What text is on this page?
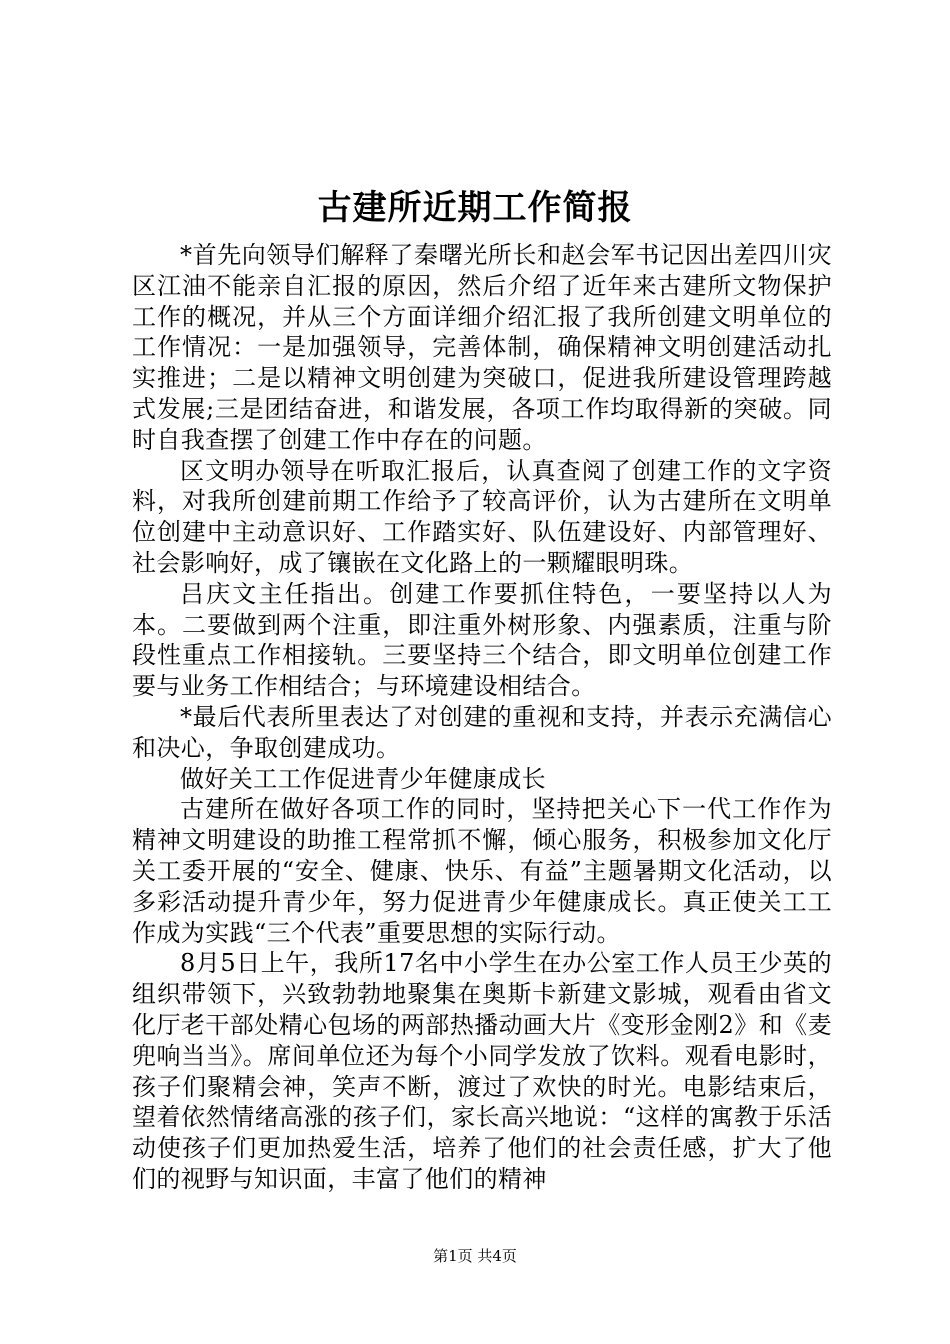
古建所近期工作简报

*首先向领导们解释了秦曙光所长和赵会军书记因出差四川灾区江油不能亲自汇报的原因，然后介绍了近年来古建所文物保护工作的概况，并从三个方面详细介绍汇报了我所创建文明单位的工作情况：一是加强领导，完善体制，确保精神文明创建活动扎实推进；二是以精神文明创建为突破口，促进我所建设管理跨越式发展;三是团结奋进，和谐发展，各项工作均取得新的突破。同时自我查摆了创建工作中存在的问题。

区文明办领导在听取汇报后，认真查阅了创建工作的文字资料，对我所创建前期工作给予了较高评价，认为古建所在文明单位创建中主动意识好、工作踏实好、队伍建设好、内部管理好、社会影响好，成了镶嵌在文化路上的一颗耀眼明珠。

吕庆文主任指出。创建工作要抓住特色，一要坚持以人为本。二要做到两个注重，即注重外树形象、内强素质，注重与阶段性重点工作相接轨。三要坚持三个结合，即文明单位创建工作要与业务工作相结合；与环境建设相结合。

*最后代表所里表达了对创建的重视和支持，并表示充满信心和决心，争取创建成功。

做好关工工作促进青少年健康成长

古建所在做好各项工作的同时，坚持把关心下一代工作作为精神文明建设的助推工程常抓不懈，倾心服务，积极参加文化厅关工委开展的“安全、健康、快乐、有益”主题暑期文化活动，以多彩活动提升青少年，努力促进青少年健康成长。真正使关工工作成为实践“三个代表”重要思想的实际行动。

8月5日上午，我所17名中小学生在办公室工作人员王少英的组织带领下，兴致勃勃地聚集在奥斯卡新建文影城，观看由省文化厅老干部处精心包场的两部热播动画大片《变形金刚2》和《麦兜响当当》。席间单位还为每个小同学发放了饮料。观看电影时，孩子们聚精会神，笑声不断，渡过了欢快的时光。电影结束后，望着依然情绪高涨的孩子们，家长高兴地说：“这样的寓教于乐活动使孩子们更加热爱生活，培养了他们的社会责任感，扩大了他们的视野与知识面，丰富了他们的精神

第1页 共4页
